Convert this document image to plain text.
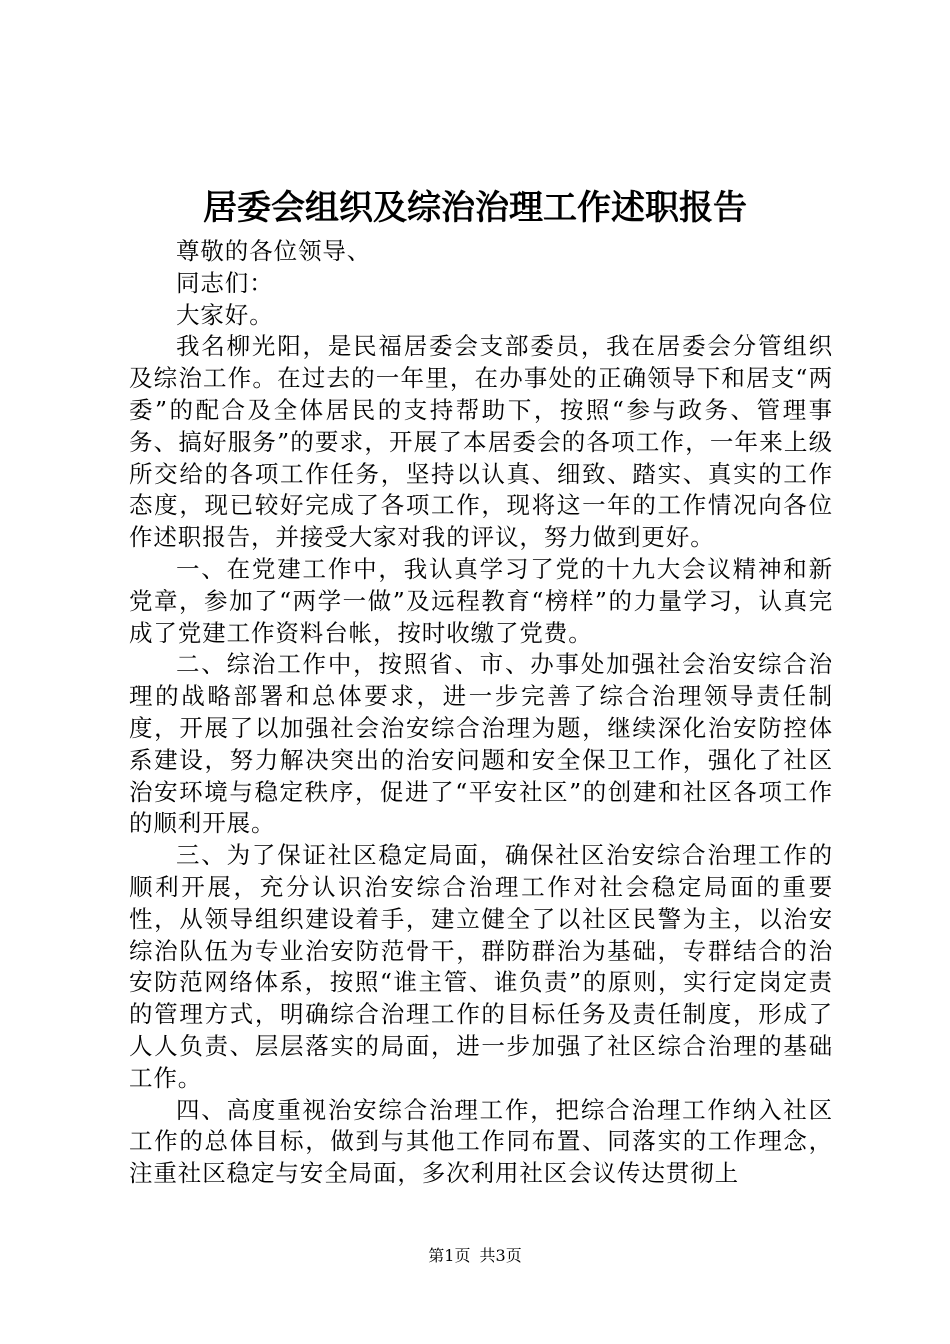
居委会组织及综治治理工作述职报告

尊敬的各位领导、

同志们：

大家好。

我名柳光阳，是民福居委会支部委员，我在居委会分管组织及综治工作。在过去的一年里，在办事处的正确领导下和居支“两委”的配合及全体居民的支持帮助下，按照“参与政务、管理事务、搞好服务”的要求，开展了本居委会的各项工作，一年来上级所交给的各项工作任务，坚持以认真、细致、踏实、真实的工作态度，现已较好完成了各项工作，现将这一年的工作情况向各位作述职报告，并接受大家对我的评议，努力做到更好。

一、在党建工作中，我认真学习了党的十九大会议精神和新党章，参加了“两学一做”及远程教育“榜样”的力量学习，认真完成了党建工作资料台帐，按时收缴了党费。

二、综治工作中，按照省、市、办事处加强社会治安综合治理的战略部署和总体要求，进一步完善了综合治理领导责任制度，开展了以加强社会治安综合治理为题，继续深化治安防控体系建设，努力解决突出的治安问题和安全保卫工作，强化了社区治安环境与稳定秩序，促进了“平安社区”的创建和社区各项工作的顺利开展。

三、为了保证社区稳定局面，确保社区治安综合治理工作的顺利开展，充分认识治安综合治理工作对社会稳定局面的重要性，从领导组织建设着手，建立健全了以社区民警为主，以治安综治队伍为专业治安防范骨干，群防群治为基础，专群结合的治安防范网络体系，按照“谁主管、谁负责”的原则，实行定岗定责的管理方式，明确综合治理工作的目标任务及责任制度，形成了人人负责、层层落实的局面，进一步加强了社区综合治理的基础工作。

四、高度重视治安综合治理工作，把综合治理工作纳入社区工作的总体目标，做到与其他工作同布置、同落实的工作理念，注重社区稳定与安全局面，多次利用社区会议传达贯彻上

第1页 共3页
